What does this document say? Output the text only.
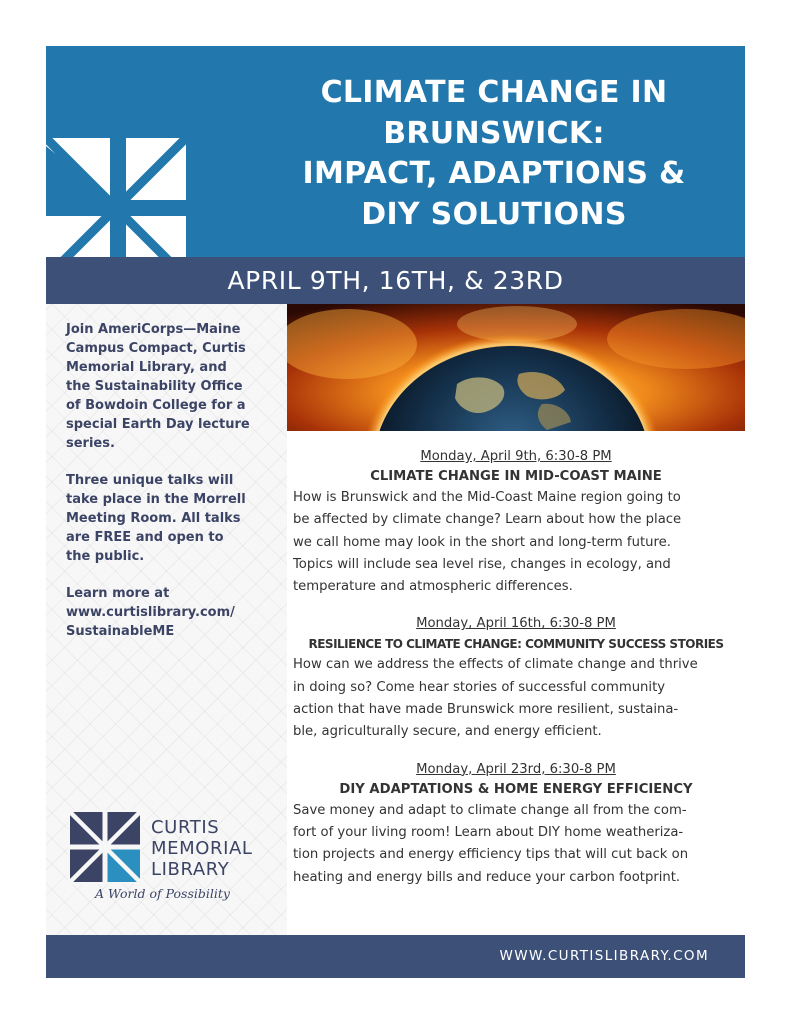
CLIMATE CHANGE IN
BRUNSWICK:
IMPACT, ADAPTIONS &
DIY SOLUTIONS
APRIL 9TH, 16TH, & 23RD

Join AmeriCorps—Maine
Campus Compact, Curtis
Memorial Library, and
the Sustainability Office
of Bowdoin College for a
special Earth Day lecture
series.

Three unique talks will
take place in the Morrell
Meeting Room. All talks
are FREE and open to
the public.

Learn more at
www.curtislibrary.com/
SustainableME

CURTIS
MEMORIAL
LIBRARY
A World of Possibility
Monday, April 9th, 6:30-8 PM
CLIMATE CHANGE IN MID-COAST MAINE
How is Brunswick and the Mid-Coast Maine region going to
be affected by climate change? Learn about how the place
we call home may look in the short and long-term future.
Topics will include sea level rise, changes in ecology, and
temperature and atmospheric differences.
Monday, April 16th, 6:30-8 PM
RESILIENCE TO CLIMATE CHANGE: COMMUNITY SUCCESS STORIES
How can we address the effects of climate change and thrive
in doing so? Come hear stories of successful community
action that have made Brunswick more resilient, sustaina-
ble, agriculturally secure, and energy efficient.
Monday, April 23rd, 6:30-8 PM
DIY ADAPTATIONS & HOME ENERGY EFFICIENCY
Save money and adapt to climate change all from the com-
fort of your living room! Learn about DIY home weatheriza-
tion projects and energy efficiency tips that will cut back on
heating and energy bills and reduce your carbon footprint.
WWW.CURTISLIBRARY.COM
